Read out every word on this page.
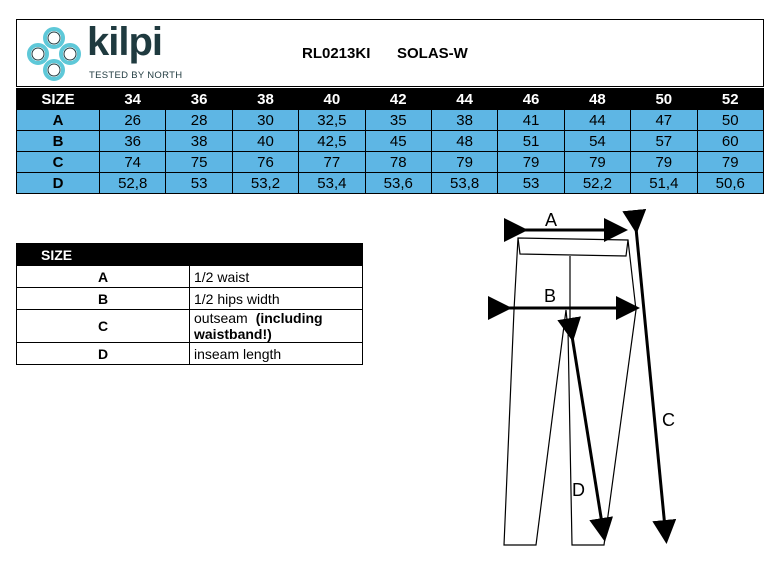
kilpi
TESTED BY NORTH
RL0213KI SOLAS-W
SIZE	34	36	38	40	42	44	46	48	50	52
A	26	28	30	32,5	35	38	41	44	47	50
B	36	38	40	42,5	45	48	51	54	57	60
C	74	75	76	77	78	79	79	79	79	79
D	52,8	53	53,2	53,4	53,6	53,8	53	52,2	51,4	50,6
SIZE	
A	1/2 waist
B	1/2 hips width
C	outseam (including waistband!)
D	inseam length
A
B
C
D
